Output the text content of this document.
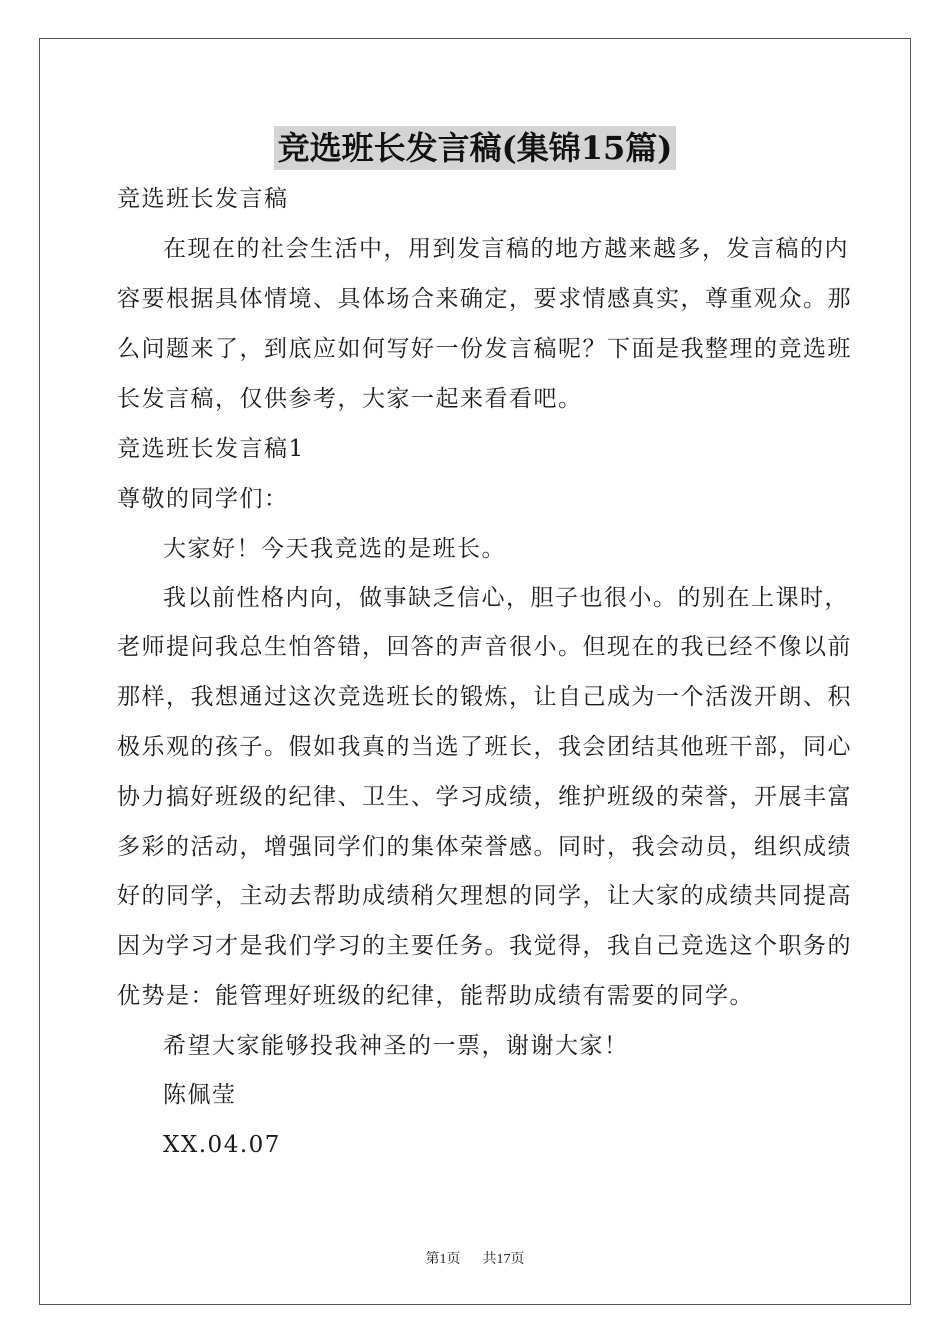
竞选班长发言稿(集锦15篇)
竞选班长发言稿
在现在的社会生活中，用到发言稿的地方越来越多，发言稿的内
容要根据具体情境、具体场合来确定，要求情感真实，尊重观众。那
么问题来了，到底应如何写好一份发言稿呢？下面是我整理的竞选班
长发言稿，仅供参考，大家一起来看看吧。
竞选班长发言稿1
尊敬的同学们：
大家好！今天我竞选的是班长。
我以前性格内向，做事缺乏信心，胆子也很小。的别在上课时，
老师提问我总生怕答错，回答的声音很小。但现在的我已经不像以前
那样，我想通过这次竞选班长的锻炼，让自己成为一个活泼开朗、积
极乐观的孩子。假如我真的当选了班长，我会团结其他班干部，同心
协力搞好班级的纪律、卫生、学习成绩，维护班级的荣誉，开展丰富
多彩的活动，增强同学们的集体荣誉感。同时，我会动员，组织成绩
好的同学，主动去帮助成绩稍欠理想的同学，让大家的成绩共同提高
因为学习才是我们学习的主要任务。我觉得，我自己竞选这个职务的
优势是：能管理好班级的纪律，能帮助成绩有需要的同学。
希望大家能够投我神圣的一票，谢谢大家！
陈佩莹
XX.04.07
第1页 共17页
